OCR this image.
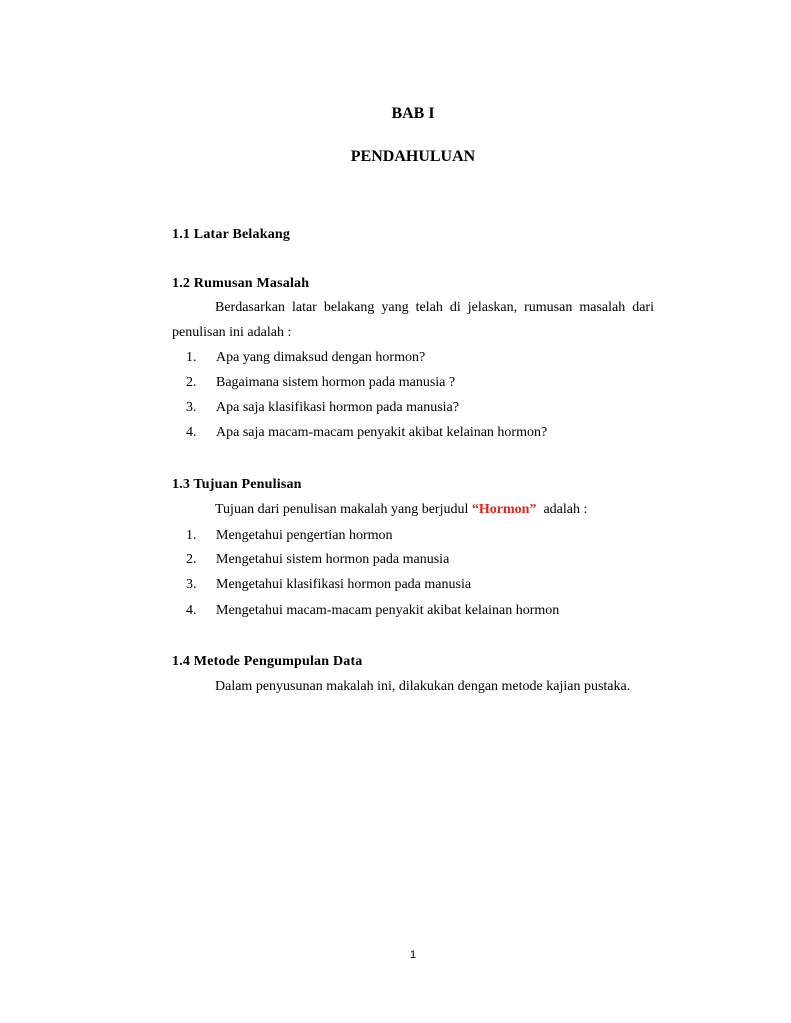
BAB I
PENDAHULUAN
1.1 Latar Belakang
1.2 Rumusan Masalah
Berdasarkan latar belakang yang telah di jelaskan, rumusan masalah dari
penulisan ini adalah :
1. Apa yang dimaksud dengan hormon?
2. Bagaimana sistem hormon pada manusia ?
3. Apa saja klasifikasi hormon pada manusia?
4. Apa saja macam-macam penyakit akibat kelainan hormon?
1.3 Tujuan Penulisan
Tujuan dari penulisan makalah yang berjudul “Hormon”  adalah :
1. Mengetahui pengertian hormon
2. Mengetahui sistem hormon pada manusia
3. Mengetahui klasifikasi hormon pada manusia
4. Mengetahui macam-macam penyakit akibat kelainan hormon
1.4 Metode Pengumpulan Data
Dalam penyusunan makalah ini, dilakukan dengan metode kajian pustaka.
1
